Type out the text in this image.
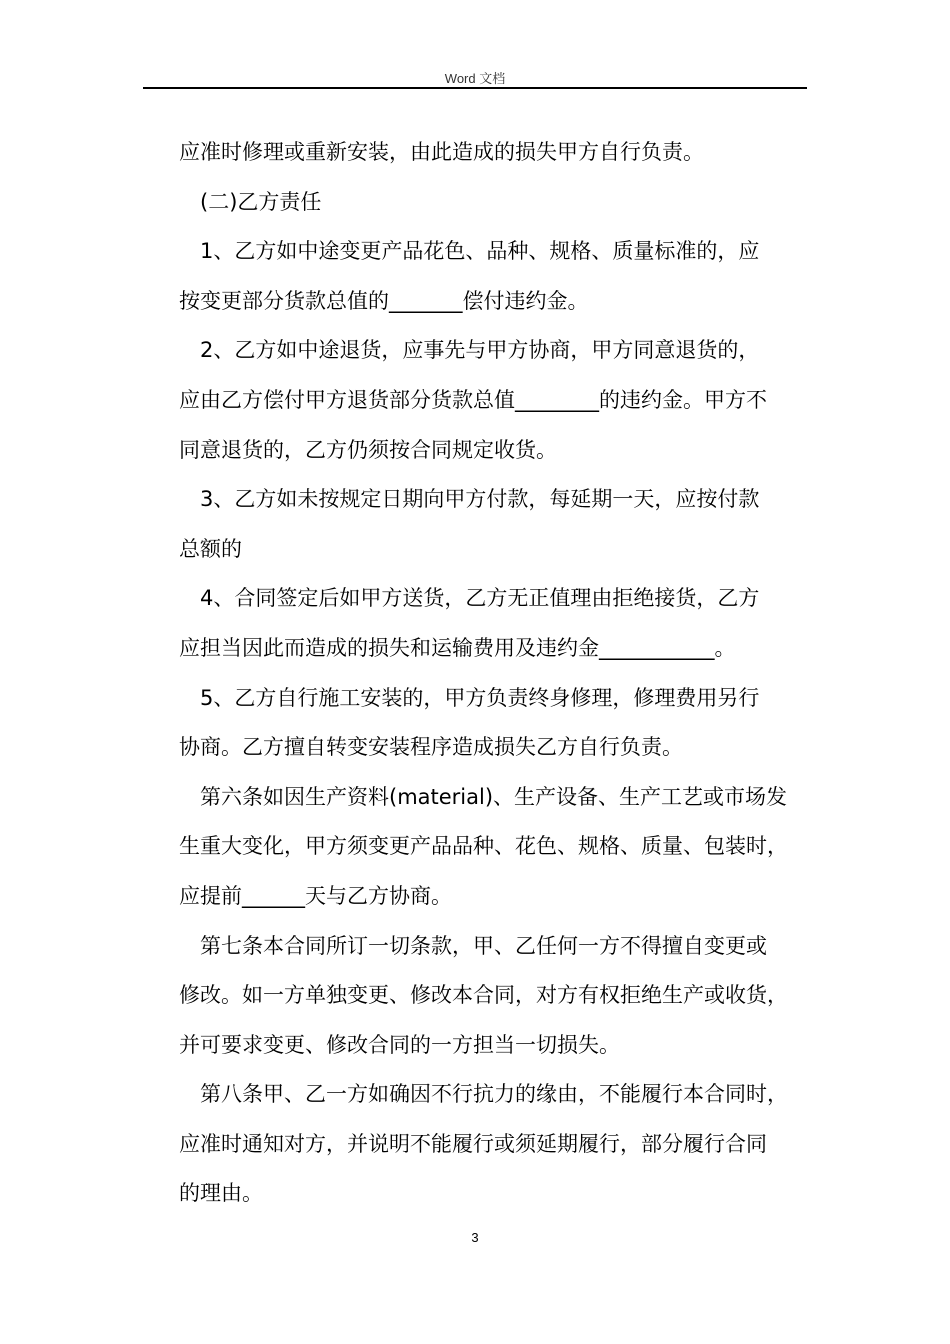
Word 文档
应准时修理或重新安装，由此造成的损失甲方自行负责。
(二)乙方责任
1、乙方如中途变更产品花色、品种、规格、质量标准的，应
按变更部分货款总值的_______偿付违约金。
2、乙方如中途退货，应事先与甲方协商，甲方同意退货的，
应由乙方偿付甲方退货部分货款总值________的违约金。甲方不
同意退货的，乙方仍须按合同规定收货。
3、乙方如未按规定日期向甲方付款，每延期一天，应按付款
总额的
4、合同签定后如甲方送货，乙方无正值理由拒绝接货，乙方
应担当因此而造成的损失和运输费用及违约金___________。
5、乙方自行施工安装的，甲方负责终身修理，修理费用另行
协商。乙方擅自转变安装程序造成损失乙方自行负责。
第六条如因生产资料(material)、生产设备、生产工艺或市场发
生重大变化，甲方须变更产品品种、花色、规格、质量、包装时，
应提前______天与乙方协商。
第七条本合同所订一切条款，甲、乙任何一方不得擅自变更或
修改。如一方单独变更、修改本合同，对方有权拒绝生产或收货，
并可要求变更、修改合同的一方担当一切损失。
第八条甲、乙一方如确因不行抗力的缘由，不能履行本合同时，
应准时通知对方，并说明不能履行或须延期履行，部分履行合同
的理由。
3
